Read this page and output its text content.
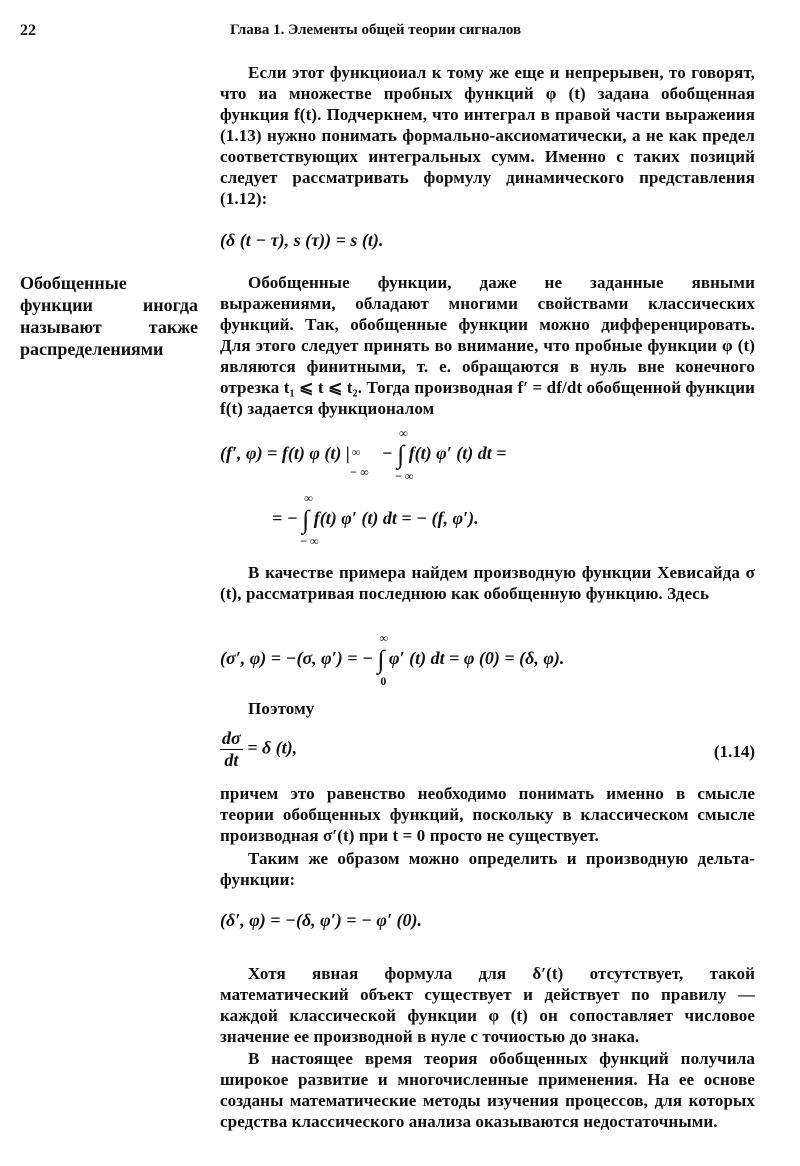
22	Глава 1. Элементы общей теории сигналов
Если этот функциоиал к тому же еще и непрерывен, то говорят, что иа множестве пробных функций φ (t) задана обобщенная функция f(t). Подчеркнем, что интеграл в правой части выражеиия (1.13) нужно понимать формально-аксиоматически, а не как предел соответствующих интегральных сумм. Именно с таких позиций следует рассматривать формулу динамического представления (1.12):
(δ (t − τ), s (τ)) = s (t).
Обобщенные функции иногда называют также распределениями
Обобщенные функции, даже не заданные явными выражениями, обладают многими свойствами классических функций. Так, обобщенные функции можно дифференцировать. Для этого следует принять во внимание, что пробные функции φ (t) являются финитными, т. е. обращаются в нуль вне конечного отрезка t₁ ⩽ t ⩽ t₂. Тогда производная f′ = df/dt обобщенной функции f(t) задается функционалом
(f′, φ) = f(t) φ (t) | ∞
− ∞
− ∫
∞
− ∞
f(t) φ′ (t) dt =
= − ∫
∞
− ∞
f(t) φ′ (t) dt = − (f, φ′).
В качестве примера найдем производную функции Хевисайда σ (t), рассматривая последнюю как обобщенную функцию. Здесь
(σ′, φ) = −(σ, φ′) = − ∫
∞
0
φ′ (t) dt = φ (0) = (δ, φ).
Поэтому
$\frac{d\sigma}{dt} = \delta$ (t),	(1.14)
причем это равенство необходимо понимать именно в смысле теории обобщенных функций, поскольку в классическом смысле производная σ′(t) при t = 0 просто не существует.
Таким же образом можно определить и производную дельта-функции:
(δ′, φ) = −(δ, φ′) = − φ′ (0).
Хотя явная формула для δ′(t) отсутствует, такой математический объект существует и действует по правилу — каждой классической функции φ (t) он сопоставляет числовое значение ее производной в нуле с точиостью до знака.
В настоящее время теория обобщенных функций получила широкое развитие и многочисленные применения. На ее основе созданы математические методы изучения процессов, для которых средства классического анализа оказываются недостаточными.
